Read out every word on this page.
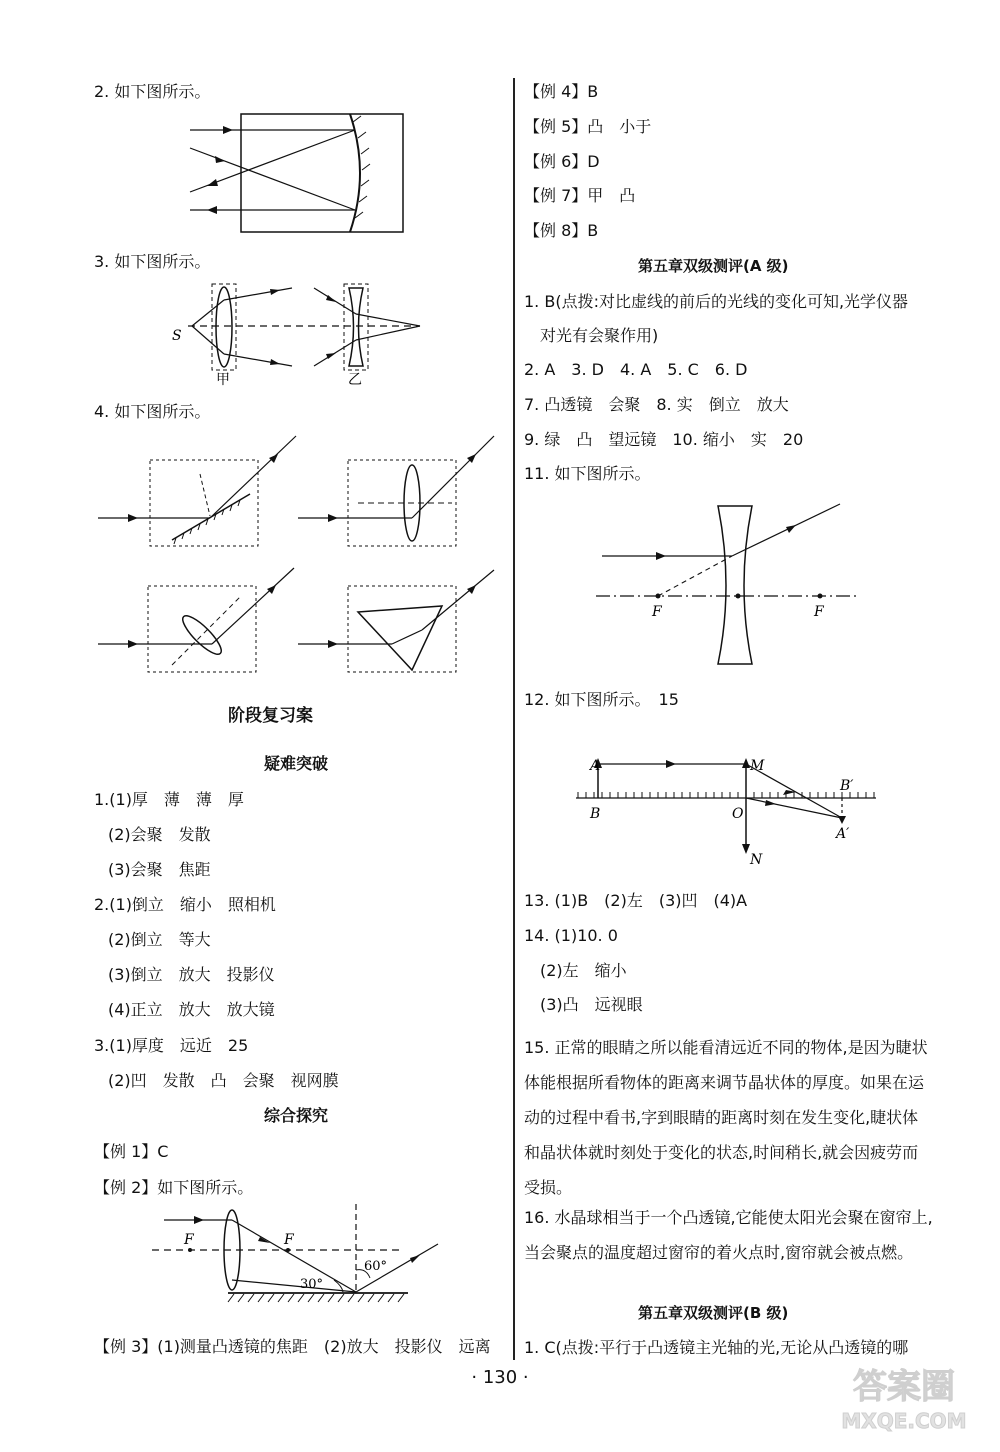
2. 如下图所示。
3. 如下图所示。
S
甲	乙
4. 如下图所示。
阶段复习案
疑难突破
1.(1)厚　薄　薄　厚
(2)会聚　发散
(3)会聚　焦距
2.(1)倒立　缩小　照相机
(2)倒立　等大
(3)倒立　放大　投影仪
(4)正立　放大　放大镜
3.(1)厚度　远近　25
(2)凹　发散　凸　会聚　视网膜
综合探究
【例 1】C
【例 2】如下图所示。
F	F
30°
60°
【例 3】(1)测量凸透镜的焦距　(2)放大　投影仪　远离
【例 4】B
【例 5】凸　小于
【例 6】D
【例 7】甲　凸
【例 8】B
第五章双级测评(A 级)
1. B(点拨:对比虚线的前后的光线的变化可知,光学仪器
对光有会聚作用)
2. A　3. D　4. A　5. C　6. D
7. 凸透镜　会聚　8. 实　倒立　放大
9. 绿　凸　望远镜　10. 缩小　实　20
11. 如下图所示。
F	F
12. 如下图所示。　15
M
N
A
B	O
B′
A′
13. (1)B　(2)左　(3)凹　(4)A
14. (1)10. 0
(2)左　缩小
(3)凸　远视眼
15. 正常的眼睛之所以能看清远近不同的物体,是因为睫状体能根据所看物体的距离来调节晶状体的厚度。如果在运动的过程中看书,字到眼睛的距离时刻在发生变化,睫状体和晶状体就时刻处于变化的状态,时间稍长,就会因疲劳而受损。
16. 水晶球相当于一个凸透镜,它能使太阳光会聚在窗帘上,当会聚点的温度超过窗帘的着火点时,窗帘就会被点燃。
第五章双级测评(B 级)
1. C(点拨:平行于凸透镜主光轴的光,无论从凸透镜的哪
· 130 ·	答案圈
MXQE.COM
